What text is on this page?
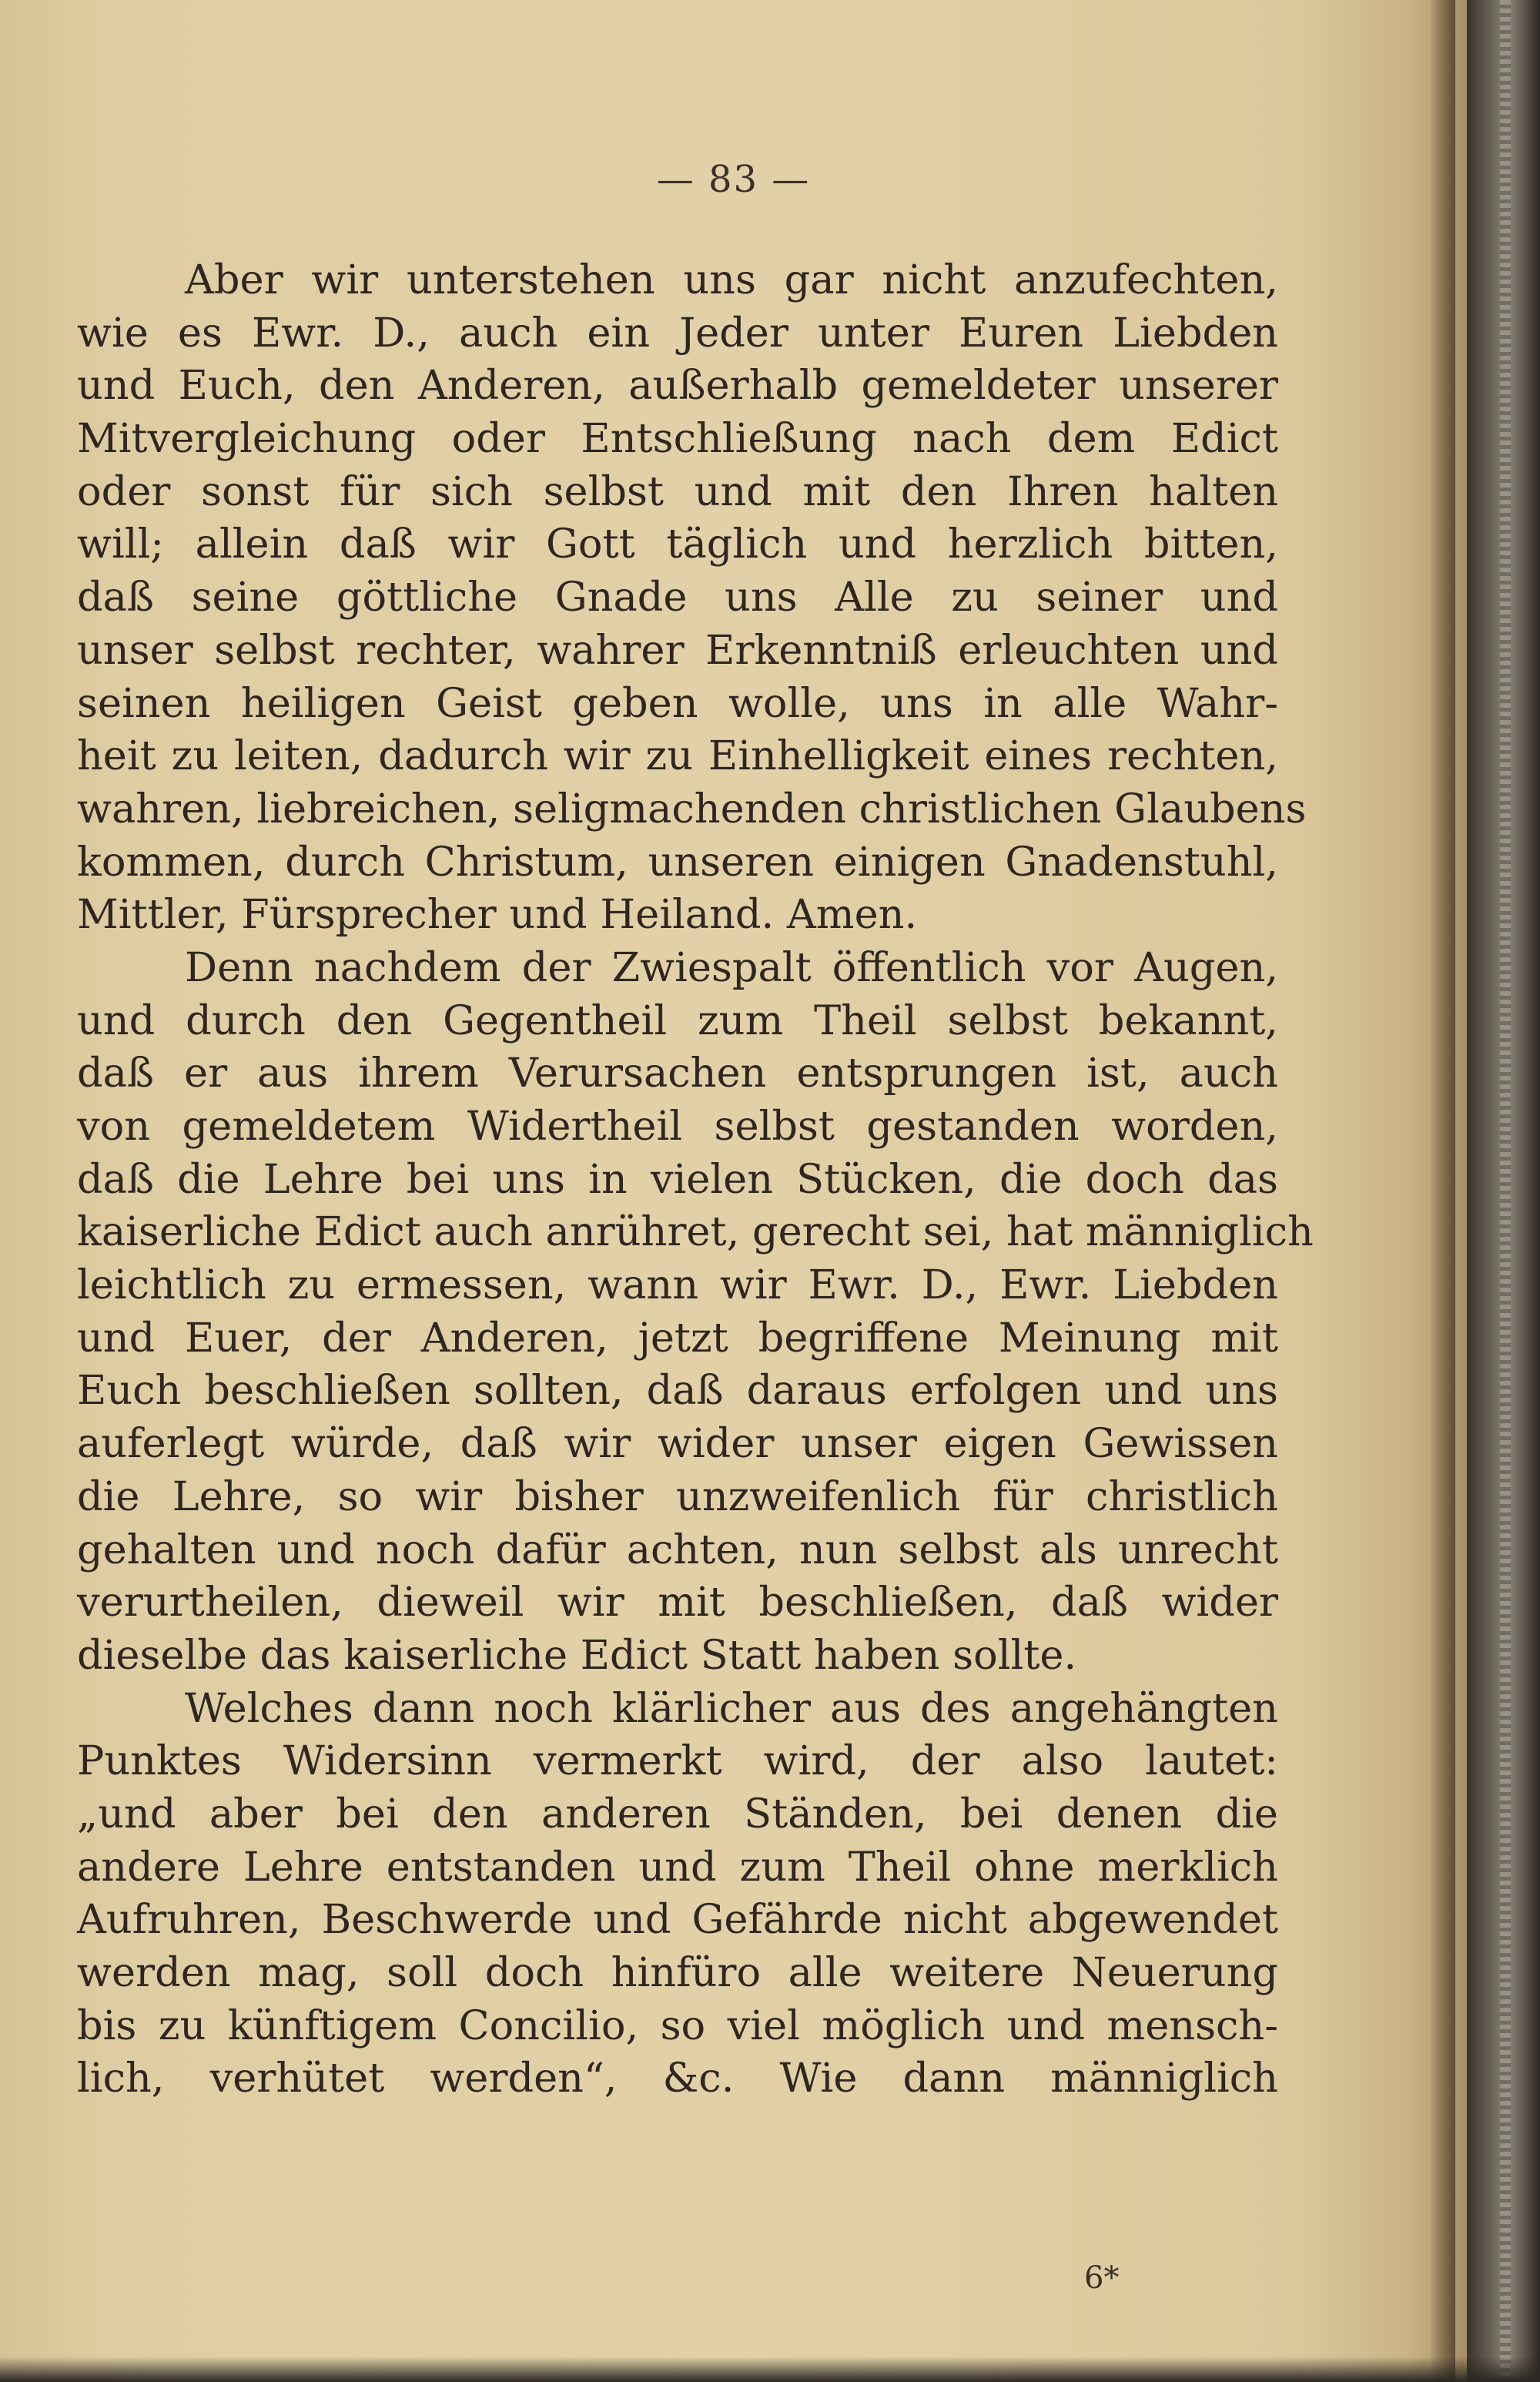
— 83 —
Aber wir unterstehen uns gar nicht anzufechten,
wie es Ewr. D., auch ein Jeder unter Euren Liebden
und Euch, den Anderen, außerhalb gemeldeter unserer
Mitvergleichung oder Entschließung nach dem Edict
oder sonst für sich selbst und mit den Ihren halten
will; allein daß wir Gott täglich und herzlich bitten,
daß seine göttliche Gnade uns Alle zu seiner und
unser selbst rechter, wahrer Erkenntniß erleuchten und
seinen heiligen Geist geben wolle, uns in alle Wahr-
heit zu leiten, dadurch wir zu Einhelligkeit eines rechten,
wahren, liebreichen, seligmachenden christlichen Glaubens
kommen, durch Christum, unseren einigen Gnadenstuhl,
Mittler, Fürsprecher und Heiland. Amen.
Denn nachdem der Zwiespalt öffentlich vor Augen,
und durch den Gegentheil zum Theil selbst bekannt,
daß er aus ihrem Verursachen entsprungen ist, auch
von gemeldetem Widertheil selbst gestanden worden,
daß die Lehre bei uns in vielen Stücken, die doch das
kaiserliche Edict auch anrühret, gerecht sei, hat männiglich
leichtlich zu ermessen, wann wir Ewr. D., Ewr. Liebden
und Euer, der Anderen, jetzt begriffene Meinung mit
Euch beschließen sollten, daß daraus erfolgen und uns
auferlegt würde, daß wir wider unser eigen Gewissen
die Lehre, so wir bisher unzweifenlich für christlich
gehalten und noch dafür achten, nun selbst als unrecht
verurtheilen, dieweil wir mit beschließen, daß wider
dieselbe das kaiserliche Edict Statt haben sollte.
Welches dann noch klärlicher aus des angehängten
Punktes Widersinn vermerkt wird, der also lautet:
„und aber bei den anderen Ständen, bei denen die
andere Lehre entstanden und zum Theil ohne merklich
Aufruhren, Beschwerde und Gefährde nicht abgewendet
werden mag, soll doch hinfüro alle weitere Neuerung
bis zu künftigem Concilio, so viel möglich und mensch-
lich, verhütet werden“, &c. Wie dann männiglich
6*
